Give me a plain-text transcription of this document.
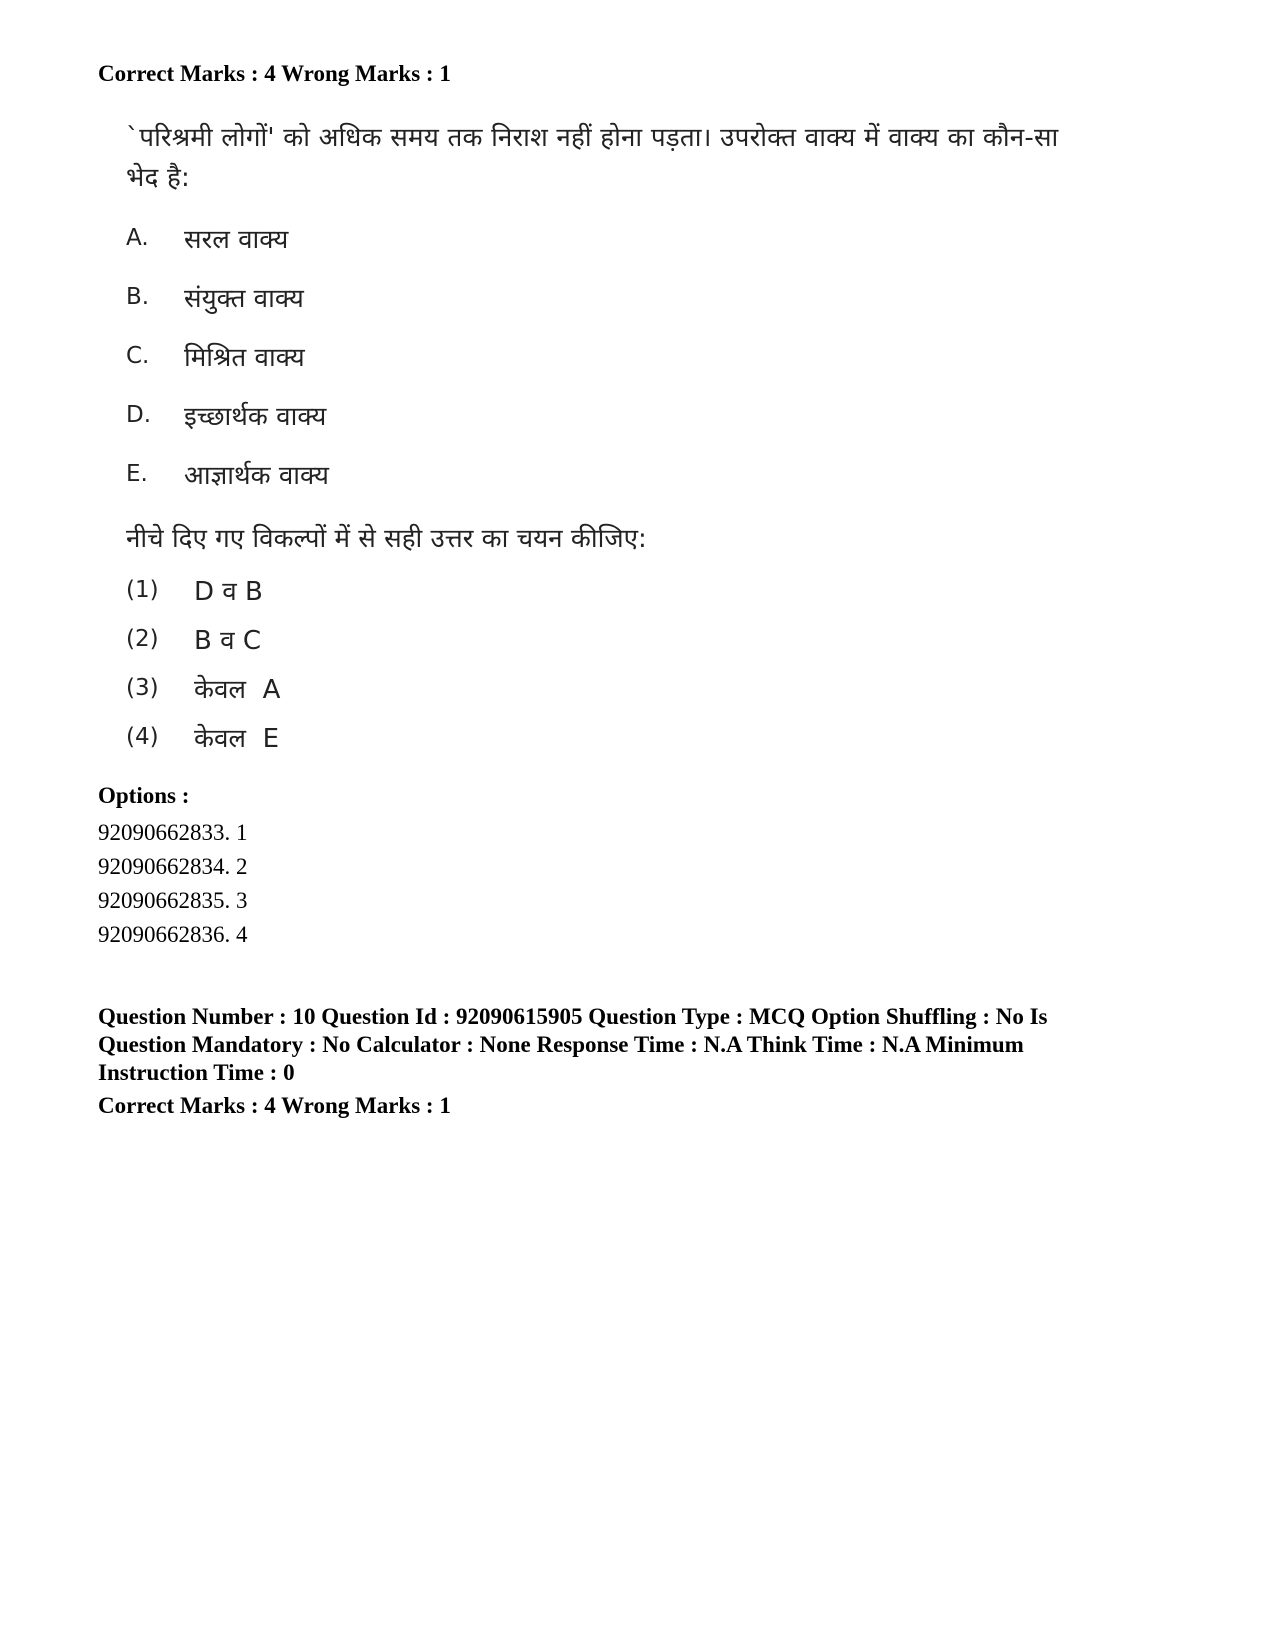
Correct Marks : 4 Wrong Marks : 1

`परिश्रमी लोगों' को अधिक समय तक निराश नहीं होना पड़ता। उपरोक्त वाक्य में वाक्य का कौन-सा
भेद है:

A.	सरल वाक्य
B.	संयुक्त वाक्य
C.	मिश्रित वाक्य
D.	इच्छार्थक वाक्य
E.	आज्ञार्थक वाक्य
नीचे दिए गए विकल्पों में से सही उत्तर का चयन कीजिए:
(1)	D व B
(2)	B व C
(3)	केवल  A
(4)	केवल  E
Options :
92090662833. 1
92090662834. 2
92090662835. 3
92090662836. 4
Question Number : 10 Question Id : 92090615905 Question Type : MCQ Option Shuffling : No Is
Question Mandatory : No Calculator : None Response Time : N.A Think Time : N.A Minimum
Instruction Time : 0
Correct Marks : 4 Wrong Marks : 1
